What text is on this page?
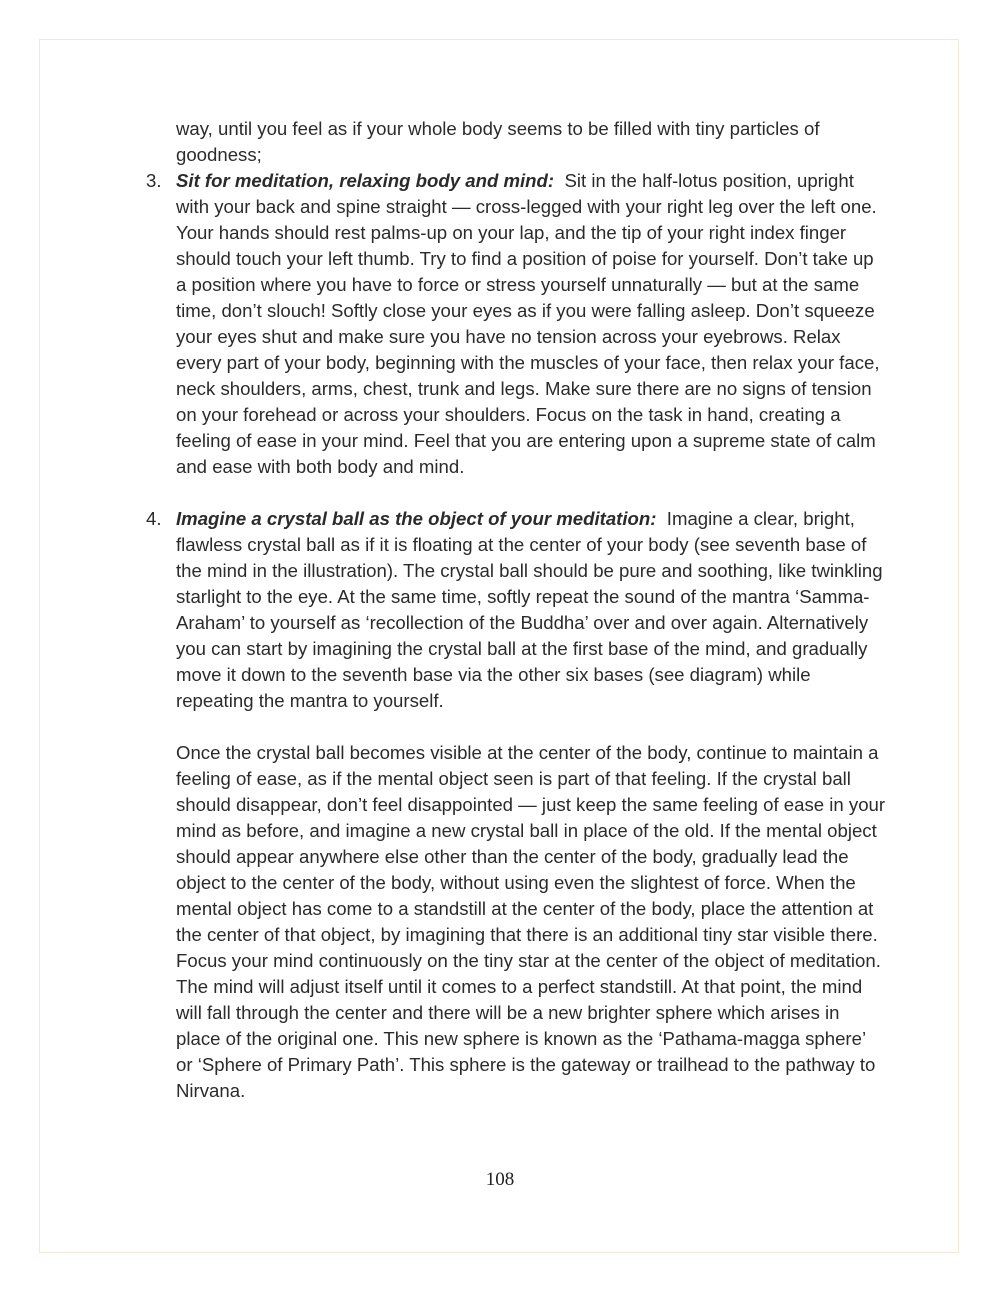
way, until you feel as if your whole body seems to be filled with tiny particles of goodness;

3. Sit for meditation, relaxing body and mind: Sit in the half-lotus position, upright with your back and spine straight — cross-legged with your right leg over the left one. Your hands should rest palms-up on your lap, and the tip of your right index finger should touch your left thumb. Try to find a position of poise for yourself. Don’t take up a position where you have to force or stress yourself unnaturally — but at the same time, don’t slouch! Softly close your eyes as if you were falling asleep. Don’t squeeze your eyes shut and make sure you have no tension across your eyebrows. Relax every part of your body, beginning with the muscles of your face, then relax your face, neck shoulders, arms, chest, trunk and legs. Make sure there are no signs of tension on your forehead or across your shoulders. Focus on the task in hand, creating a feeling of ease in your mind. Feel that you are entering upon a supreme state of calm and ease with both body and mind.

4. Imagine a crystal ball as the object of your meditation: Imagine a clear, bright, flawless crystal ball as if it is floating at the center of your body (see seventh base of the mind in the illustration). The crystal ball should be pure and soothing, like twinkling starlight to the eye. At the same time, softly repeat the sound of the mantra ‘Samma-Araham’ to yourself as ‘recollection of the Buddha’ over and over again. Alternatively you can start by imagining the crystal ball at the first base of the mind, and gradually move it down to the seventh base via the other six bases (see diagram) while repeating the mantra to yourself.

Once the crystal ball becomes visible at the center of the body, continue to maintain a feeling of ease, as if the mental object seen is part of that feeling. If the crystal ball should disappear, don’t feel disappointed — just keep the same feeling of ease in your mind as before, and imagine a new crystal ball in place of the old. If the mental object should appear anywhere else other than the center of the body, gradually lead the object to the center of the body, without using even the slightest of force. When the mental object has come to a standstill at the center of the body, place the attention at the center of that object, by imagining that there is an additional tiny star visible there. Focus your mind continuously on the tiny star at the center of the object of meditation. The mind will adjust itself until it comes to a perfect standstill. At that point, the mind will fall through the center and there will be a new brighter sphere which arises in place of the original one. This new sphere is known as the ‘Pathama-magga sphere’ or ‘Sphere of Primary Path’. This sphere is the gateway or trailhead to the pathway to Nirvana.

108
